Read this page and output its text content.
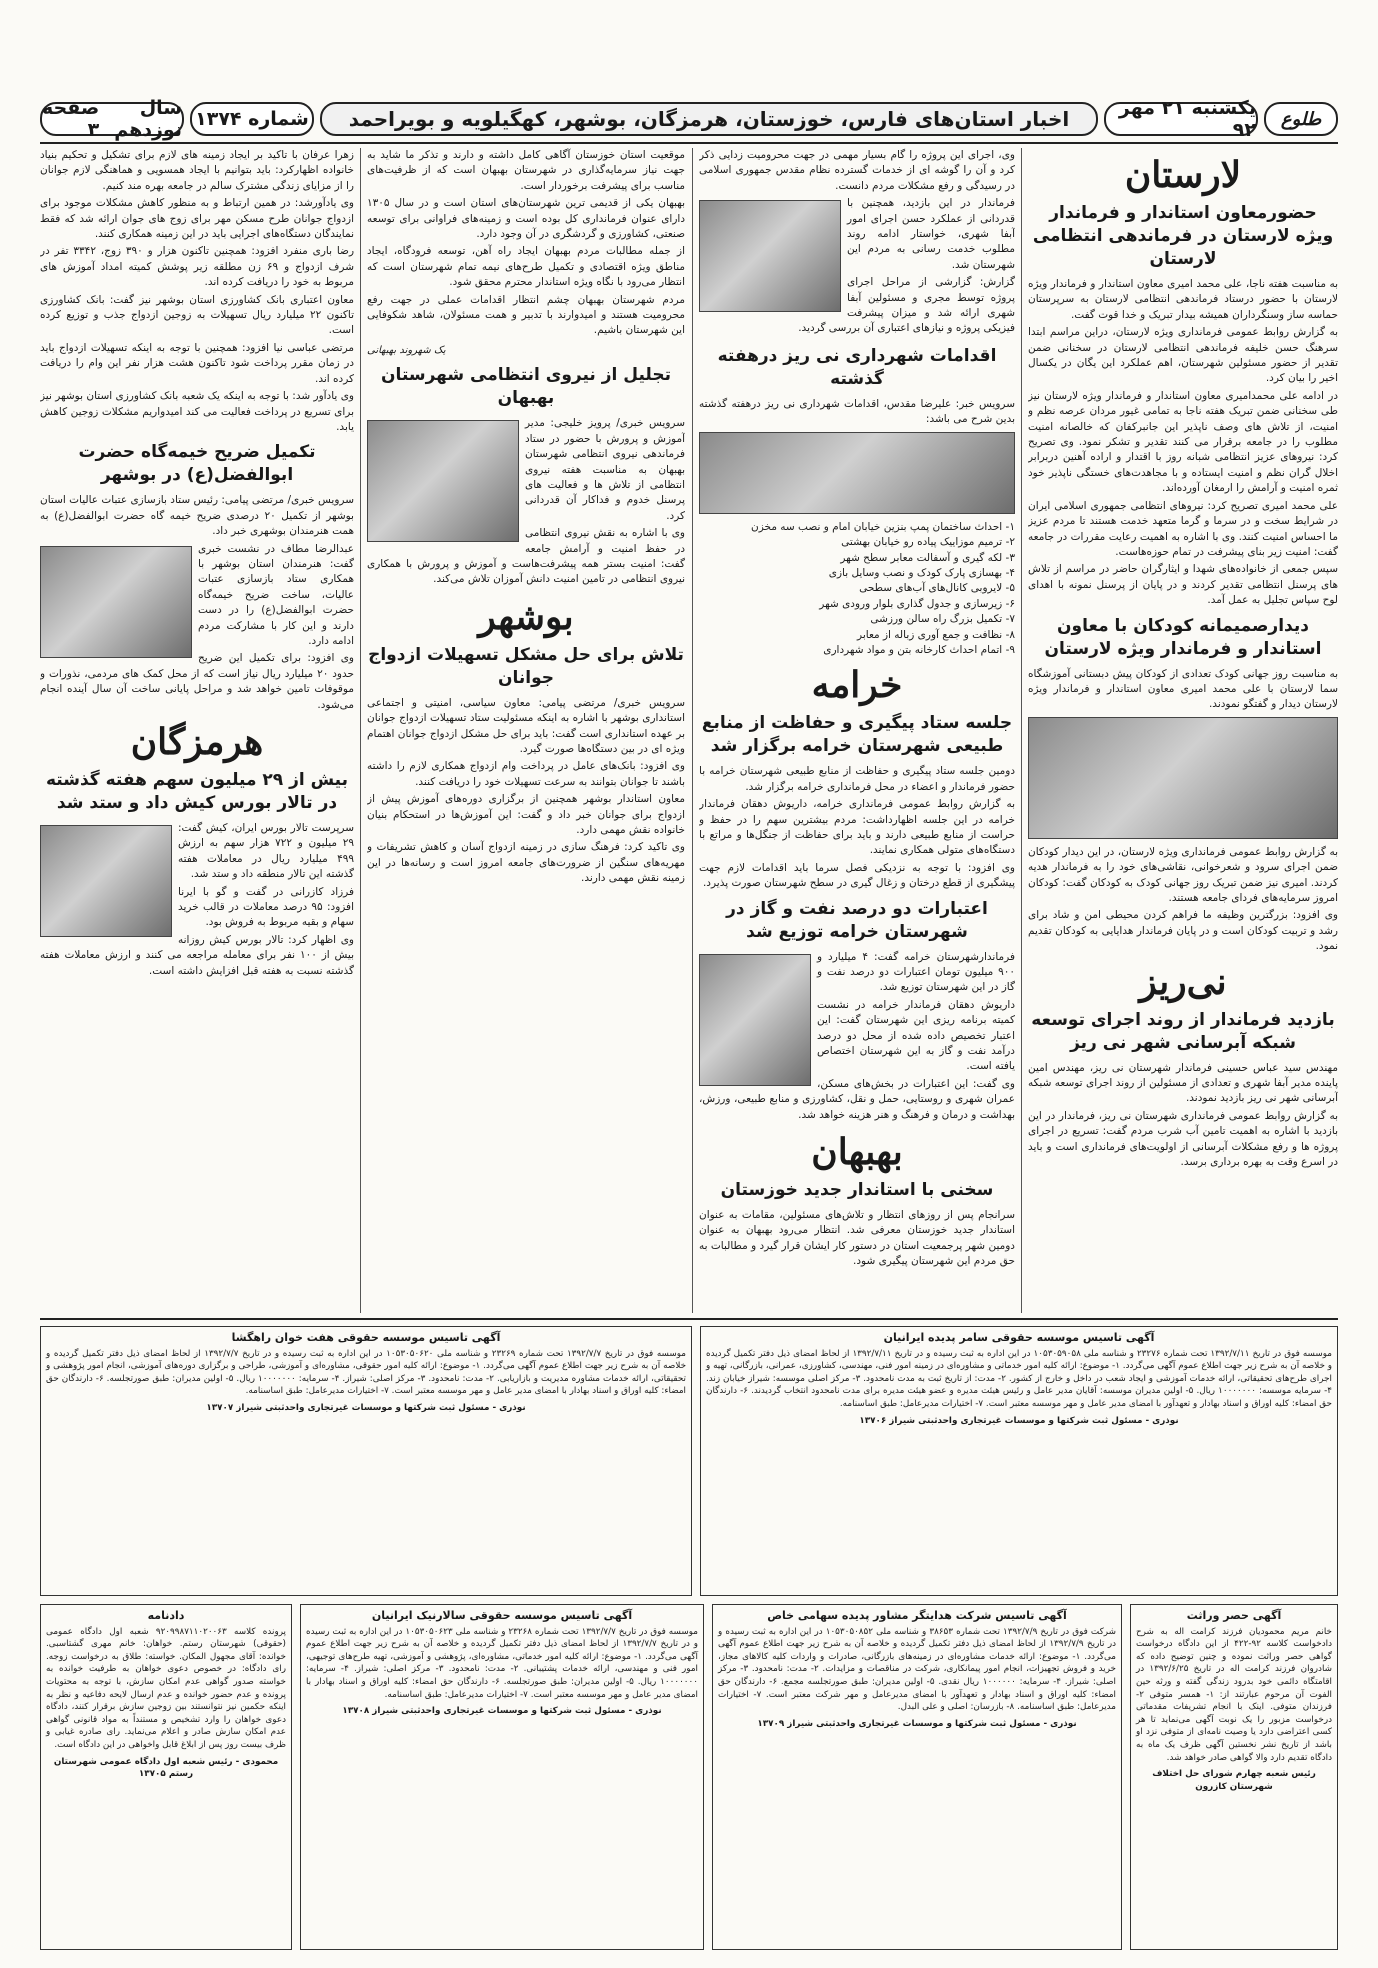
طلوع
یکشنبه ۲۱ مهر ۹۲
اخبار استان‌های فارس، خوزستان، هرمزگان، بوشهر، کهگیلویه و بویراحمد
شماره ۱۳۷۴
سال نوزدهم

صفحه ۳
لارستان
حضورمعاون استاندار و فرماندار ویژه لارستان در فرماندهی انتظامی لارستان

به مناسبت هفته ناجا، علی محمد امیری معاون استاندار و فرماندار ویژه لارستان با حضور درستاد فرماندهی انتظامی لارستان به سرپرستان حماسه ساز وسنگرداران همیشه بیدار تبریک و خدا قوت گفت.

به گزارش روابط عمومی فرمانداری ویژه لارستان، دراین مراسم ابتدا سرهنگ حسن خلیفه فرماندهی انتظامی لارستان در سخنانی ضمن تقدیر از حضور مسئولین شهرستان، اهم عملکرد این یگان در یکسال اخیر را بیان کرد.

در ادامه علی محمدامیری معاون استاندار و فرماندار ویژه لارستان نیز طی سخنانی ضمن تبریک هفته ناجا به تمامی غیور مردان عرصه نظم و امنیت، از تلاش های وصف ناپذیر این جانبرکفان که خالصانه امنیت مطلوب را در جامعه برقرار می کنند تقدیر و تشکر نمود. وی تصریح کرد: نیروهای عزیز انتظامی شبانه روز با اقتدار و اراده آهنین دربرابر اخلال گران نظم و امنیت ایستاده و با مجاهدت‌های خستگی ناپذیر خود ثمره امنیت و آرامش را ارمغان آورده‌اند.

علی محمد امیری تصریح کرد: نیروهای انتظامی جمهوری اسلامی ایران در شرایط سخت و در سرما و گرما متعهد خدمت هستند تا مردم عزیز ما احساس امنیت کنند. وی با اشاره به اهمیت رعایت مقررات در جامعه گفت: امنیت زیر بنای پیشرفت در تمام حوزه‌هاست.

سپس جمعی از خانواده‌های شهدا و ایثارگران حاضر در مراسم از تلاش های پرسنل انتظامی تقدیر کردند و در پایان از پرسنل نمونه با اهدای لوح سپاس تجلیل به عمل آمد.

دیدارصمیمانه کودکان با معاون استاندار و فرماندار ویژه لارستان

به مناسبت روز جهانی کودک تعدادی از کودکان پیش دبستانی آموزشگاه سما لارستان با علی محمد امیری معاون استاندار و فرماندار ویژه لارستان دیدار و گفتگو نمودند.

به گزارش روابط عمومی فرمانداری ویژه لارستان، در این دیدار کودکان ضمن اجرای سرود و شعرخوانی، نقاشی‌های خود را به فرماندار هدیه کردند. امیری نیز ضمن تبریک روز جهانی کودک به کودکان گفت: کودکان امروز سرمایه‌های فردای جامعه هستند.

وی افزود: بزرگترین وظیفه ما فراهم کردن محیطی امن و شاد برای رشد و تربیت کودکان است و در پایان فرماندار هدایایی به کودکان تقدیم نمود.

نی‌ریز
بازدید فرماندار از روند اجرای توسعه شبکه آبرسانی شهر نی ریز

مهندس سید عباس حسینی فرماندار شهرستان نی ریز، مهندس امین پاینده مدیر آبفا شهری و تعدادی از مسئولین از روند اجرای توسعه شبکه آبرسانی شهر نی ریز بازدید نمودند.

به گزارش روابط عمومی فرمانداری شهرستان نی ریز، فرماندار در این بازدید با اشاره به اهمیت تامین آب شرب مردم گفت: تسریع در اجرای پروژه ها و رفع مشکلات آبرسانی از اولویت‌های فرمانداری است و باید در اسرع وقت به بهره برداری برسد.

وی، اجرای این پروژه را گام بسیار مهمی در جهت محرومیت زدایی ذکر کرد و آن را گوشه ای از خدمات گسترده نظام مقدس جمهوری اسلامی در رسیدگی و رفع مشکلات مردم دانست.

فرماندار در این بازدید، همچنین با قدردانی از عملکرد حسن اجرای امور آبفا شهری، خواستار ادامه روند مطلوب خدمت رسانی به مردم این شهرستان شد.

گزارش: گزارشی از مراحل اجرای پروژه توسط مجری و مسئولین آبفا شهری ارائه شد و میزان پیشرفت فیزیکی پروژه و نیازهای اعتباری آن بررسی گردید.

اقدامات شهرداری نی ریز درهفته گذشته

سرویس خبر: علیرضا مقدس، اقدامات شهرداری نی ریز درهفته گذشته بدین شرح می باشد:

۱- احداث ساختمان پمپ بنزین خیابان امام و نصب سه مخزن
۲- ترمیم موزاییک پیاده رو خیابان بهشتی
۳- لکه گیری و آسفالت معابر سطح شهر
۴- بهسازی پارک کودک و نصب وسایل بازی
۵- لایروبی کانال‌های آب‌های سطحی
۶- زیرسازی و جدول گذاری بلوار ورودی شهر
۷- تکمیل بزرگ راه سالن ورزشی
۸- نظافت و جمع آوری زباله از معابر
۹- اتمام احداث کارخانه بتن و مواد شهرداری

خرامه
جلسه ستاد پیگیری و حفاظت از منابع طبیعی شهرستان خرامه برگزار شد

دومین جلسه ستاد پیگیری و حفاظت از منابع طبیعی شهرستان خرامه با حضور فرماندار و اعضاء در محل فرمانداری خرامه برگزار شد.

به گزارش روابط عمومی فرمانداری خرامه، داریوش دهقان فرماندار خرامه در این جلسه اظهارداشت: مردم بیشترین سهم را در حفظ و حراست از منابع طبیعی دارند و باید برای حفاظت از جنگل‌ها و مراتع با دستگاه‌های متولی همکاری نمایند.

وی افزود: با توجه به نزدیکی فصل سرما باید اقدامات لازم جهت پیشگیری از قطع درختان و زغال گیری در سطح شهرستان صورت پذیرد.

اعتبارات دو درصد نفت و گاز در شهرستان خرامه توزیع شد

فرماندارشهرستان خرامه گفت: ۴ میلیارد و ۹۰۰ میلیون تومان اعتبارات دو درصد نفت و گاز در این شهرستان توزیع شد.

داریوش دهقان فرماندار خرامه در نشست کمیته برنامه ریزی این شهرستان گفت: این اعتبار تخصیص داده شده از محل دو درصد درآمد نفت و گاز به این شهرستان اختصاص یافته است.

وی گفت: این اعتبارات در بخش‌های مسکن، عمران شهری و روستایی، حمل و نقل، کشاورزی و منابع طبیعی، ورزش، بهداشت و درمان و فرهنگ و هنر هزینه خواهد شد.

بهبهان
سخنی با استاندار جدید خوزستان

سرانجام پس از روزهای انتظار و تلاش‌های مسئولین، مقامات به عنوان استاندار جدید خوزستان معرفی شد. انتظار می‌رود بهبهان به عنوان دومین شهر پرجمعیت استان در دستور کار ایشان قرار گیرد و مطالبات به حق مردم این شهرستان پیگیری شود.

موقعیت استان خوزستان آگاهی کامل داشته و دارند و تذکر ما شاید به جهت نیاز سرمایه‌گذاری در شهرستان بهبهان است که از ظرفیت‌های مناسب برای پیشرفت برخوردار است.

بهبهان یکی از قدیمی ترین شهرستان‌های استان است و در سال ۱۳۰۵ دارای عنوان فرمانداری کل بوده است و زمینه‌های فراوانی برای توسعه صنعتی، کشاورزی و گردشگری در آن وجود دارد.

از جمله مطالبات مردم بهبهان ایجاد راه آهن، توسعه فرودگاه، ایجاد مناطق ویژه اقتصادی و تکمیل طرح‌های نیمه تمام شهرستان است که انتظار می‌رود با نگاه ویژه استاندار محترم محقق شود.

مردم شهرستان بهبهان چشم انتظار اقدامات عملی در جهت رفع محرومیت هستند و امیدوارند با تدبیر و همت مسئولان، شاهد شکوفایی این شهرستان باشیم.

یک شهروند بهبهانی
تجلیل از نیروی انتظامی شهرستان بهبهان

سرویس خبری/ پرویز خلیجی: مدیر آموزش و پرورش با حضور در ستاد فرماندهی نیروی انتظامی شهرستان بهبهان به مناسبت هفته نیروی انتظامی از تلاش ها و فعالیت های پرسنل خدوم و فداکار آن قدردانی کرد.

وی با اشاره به نقش نیروی انتظامی در حفظ امنیت و آرامش جامعه گفت: امنیت بستر همه پیشرفت‌هاست و آموزش و پرورش با همکاری نیروی انتظامی در تامین امنیت دانش آموزان تلاش می‌کند.

بوشهر
تلاش برای حل مشکل تسهیلات ازدواج جوانان

سرویس خبری/ مرتضی پیامی: معاون سیاسی، امنیتی و اجتماعی استانداری بوشهر با اشاره به اینکه مسئولیت ستاد تسهیلات ازدواج جوانان بر عهده استانداری است گفت: باید برای حل مشکل ازدواج جوانان اهتمام ویژه ای در بین دستگاه‌ها صورت گیرد.

وی افزود: بانک‌های عامل در پرداخت وام ازدواج همکاری لازم را داشته باشند تا جوانان بتوانند به سرعت تسهیلات خود را دریافت کنند.

معاون استاندار بوشهر همچنین از برگزاری دوره‌های آموزش پیش از ازدواج برای جوانان خبر داد و گفت: این آموزش‌ها در استحکام بنیان خانواده نقش مهمی دارد.

وی تاکید کرد: فرهنگ سازی در زمینه ازدواج آسان و کاهش تشریفات و مهریه‌های سنگین از ضرورت‌های جامعه امروز است و رسانه‌ها در این زمینه نقش مهمی دارند.

زهرا عرفان با تاکید بر ایجاد زمینه های لازم برای تشکیل و تحکیم بنیاد خانواده اظهارکرد: باید بتوانیم با ایجاد همسویی و هماهنگی لازم جوانان را از مزایای زندگی مشترک سالم در جامعه بهره مند کنیم.

وی یادآورشد: در همین ارتباط و به منظور کاهش مشکلات موجود برای ازدواج جوانان طرح مسکن مهر برای زوج های جوان ارائه شد که فقط نمایندگان دستگاه‌های اجرایی باید در این زمینه همکاری کنند.

رضا باری منفرد افزود: همچنین تاکنون هزار و ۳۹۰ زوج، ۳۳۴۲ تفر در شرف ازدواج و ۶۹ زن مطلقه زیر پوشش کمیته امداد آموزش های مربوط به خود را دریافت کرده اند.

معاون اعتباری بانک کشاورزی استان بوشهر نیز گفت: بانک کشاورزی تاکنون ۲۲ میلیارد ریال تسهیلات به زوجین ازدواج جذب و توزیع کرده است.

مرتضی عباسی نیا افزود: همچنین با توجه به اینکه تسهیلات ازدواج باید در زمان مقرر پرداخت شود تاکنون هشت هزار نفر این وام را دریافت کرده اند.

وی یادآور شد: با توجه به اینکه یک شعبه بانک کشاورزی استان بوشهر نیز برای تسریع در پرداخت فعالیت می کند امیدواریم مشکلات زوجین کاهش یابد.

تکمیل ضریح خیمه‌گاه حضرت ابوالفضل(ع) در بوشهر

سرویس خبری/ مرتضی پیامی: رئیس ستاد بازسازی عتبات عالیات استان بوشهر از تکمیل ۲۰ درصدی ضریح خیمه گاه حضرت ابوالفضل(ع) به همت هنرمندان بوشهری خبر داد.

عبدالرضا مطاف در نشست خبری گفت: هنرمندان استان بوشهر با همکاری ستاد بازسازی عتبات عالیات، ساخت ضریح خیمه‌گاه حضرت ابوالفضل(ع) را در دست دارند و این کار با مشارکت مردم ادامه دارد.

وی افزود: برای تکمیل این ضریح حدود ۲۰ میلیارد ریال نیاز است که از محل کمک های مردمی، نذورات و موقوفات تامین خواهد شد و مراحل پایانی ساخت آن سال آینده انجام می‌شود.

هرمزگان
بیش از ۲۹ میلیون سهم هفته گذشته در تالار بورس کیش داد و ستد شد

سرپرست تالار بورس ایران، کیش گفت: ۲۹ میلیون و ۷۲۲ هزار سهم به ارزش ۴۹۹ میلیارد ریال در معاملات هفته گذشته این تالار منطقه داد و ستد شد.

فرزاد کازرانی در گفت و گو با ایرنا افزود: ۹۵ درصد معاملات در قالب خرید سهام و بقیه مربوط به فروش بود.

وی اظهار کرد: تالار بورس کیش روزانه بیش از ۱۰۰ نفر برای معامله مراجعه می کنند و ارزش معاملات هفته گذشته نسبت به هفته قبل افزایش داشته است.

آگهی تاسیس موسسه حقوقی سامر پدیده ایرانیان
موسسه فوق در تاریخ ۱۳۹۲/۷/۱۱ تحت شماره ۲۳۲۷۶ و شناسه ملی ۱۰۵۳۰۵۹۰۵۸ در این اداره به ثبت رسیده و در تاریخ ۱۳۹۲/۷/۱۱ از لحاظ امضای ذیل دفتر تکمیل گردیده و خلاصه آن به شرح زیر جهت اطلاع عموم آگهی می‌گردد. ۱- موضوع: ارائه کلیه امور خدماتی و مشاوره‌ای در زمینه امور فنی، مهندسی، کشاورزی، عمرانی، بازرگانی، تهیه و اجرای طرح‌های تحقیقاتی، ارائه خدمات آموزشی و ایجاد شعب در داخل و خارج از کشور. ۲- مدت: از تاریخ ثبت به مدت نامحدود. ۳- مرکز اصلی موسسه: شیراز خیابان زند. ۴- سرمایه موسسه: ۱۰۰۰۰۰۰۰ ریال. ۵- اولین مدیران موسسه: آقایان مدیر عامل و رئیس هیئت مدیره و عضو هیئت مدیره برای مدت نامحدود انتخاب گردیدند. ۶- دارندگان حق امضاء: کلیه اوراق و اسناد بهادار و تعهدآور با امضای مدیر عامل و مهر موسسه معتبر است. ۷- اختیارات مدیرعامل: طبق اساسنامه.
نوذری - مسئول ثبت شرکتها و موسسات غیرتجاری واحدثبتی شیراز ۱۳۷۰۶
آگهی تاسیس موسسه حقوقی هفت خوان راهگشا
موسسه فوق در تاریخ ۱۳۹۲/۷/۷ تحت شماره ۲۳۲۶۹ و شناسه ملی ۱۰۵۳۰۵۰۶۲۰ در این اداره به ثبت رسیده و در تاریخ ۱۳۹۲/۷/۷ از لحاظ امضای ذیل دفتر تکمیل گردیده و خلاصه آن به شرح زیر جهت اطلاع عموم آگهی می‌گردد. ۱- موضوع: ارائه کلیه امور حقوقی، مشاوره‌ای و آموزشی، طراحی و برگزاری دوره‌های آموزشی، انجام امور پژوهشی و تحقیقاتی، ارائه خدمات مشاوره مدیریت و بازاریابی. ۲- مدت: نامحدود. ۳- مرکز اصلی: شیراز. ۴- سرمایه: ۱۰۰۰۰۰۰۰ ریال. ۵- اولین مدیران: طبق صورتجلسه. ۶- دارندگان حق امضاء: کلیه اوراق و اسناد بهادار با امضای مدیر عامل و مهر موسسه معتبر است. ۷- اختیارات مدیرعامل: طبق اساسنامه.
نوذری - مسئول ثبت شرکتها و موسسات غیرتجاری واحدثبتی شیراز ۱۳۷۰۷
آگهی حصر وراثت
خانم مریم محمودیان فرزند کرامت اله به شرح دادخواست کلاسه ۹۲-۴۲۲ از این دادگاه درخواست گواهی حصر وراثت نموده و چنین توضیح داده که شادروان فرزند کرامت اله در تاریخ ۱۳۹۲/۶/۲۵ در اقامتگاه دائمی خود بدرود زندگی گفته و ورثه حین الفوت آن مرحوم عبارتند از: ۱- همسر متوفی ۲- فرزندان متوفی. اینک با انجام تشریفات مقدماتی درخواست مزبور را یک نوبت آگهی می‌نماید تا هر کسی اعتراضی دارد یا وصیت نامه‌ای از متوفی نزد او باشد از تاریخ نشر نخستین آگهی ظرف یک ماه به دادگاه تقدیم دارد والا گواهی صادر خواهد شد.
رئیس شعبه چهارم شورای حل اختلاف شهرستان کازرون
آگهی تاسیس شرکت هدایتگر مشاور پدیده سهامی خاص
شرکت فوق در تاریخ ۱۳۹۲/۷/۹ تحت شماره ۳۸۶۵۳ و شناسه ملی ۱۰۵۳۰۵۰۸۵۲ در این اداره به ثبت رسیده و در تاریخ ۱۳۹۲/۷/۹ از لحاظ امضای ذیل دفتر تکمیل گردیده و خلاصه آن به شرح زیر جهت اطلاع عموم آگهی می‌گردد. ۱- موضوع: ارائه خدمات مشاوره‌ای در زمینه‌های بازرگانی، صادرات و واردات کلیه کالاهای مجاز، خرید و فروش تجهیزات، انجام امور پیمانکاری، شرکت در مناقصات و مزایدات. ۲- مدت: نامحدود. ۳- مرکز اصلی: شیراز. ۴- سرمایه: ۱۰۰۰۰۰۰ ریال نقدی. ۵- اولین مدیران: طبق صورتجلسه مجمع. ۶- دارندگان حق امضاء: کلیه اوراق و اسناد بهادار و تعهدآور با امضای مدیرعامل و مهر شرکت معتبر است. ۷- اختیارات مدیرعامل: طبق اساسنامه. ۸- بازرسان: اصلی و علی البدل.
نوذری - مسئول ثبت شرکتها و موسسات غیرتجاری واحدثبتی شیراز ۱۳۷۰۹
آگهی تاسیس موسسه حقوقی سالارنیک ایرانیان
موسسه فوق در تاریخ ۱۳۹۲/۷/۷ تحت شماره ۲۳۲۶۸ و شناسه ملی ۱۰۵۳۰۵۰۶۲۳ در این اداره به ثبت رسیده و در تاریخ ۱۳۹۲/۷/۷ از لحاظ امضای ذیل دفتر تکمیل گردیده و خلاصه آن به شرح زیر جهت اطلاع عموم آگهی می‌گردد. ۱- موضوع: ارائه کلیه امور خدماتی، مشاوره‌ای، پژوهشی و آموزشی، تهیه طرح‌های توجیهی، امور فنی و مهندسی، ارائه خدمات پشتیبانی. ۲- مدت: نامحدود. ۳- مرکز اصلی: شیراز. ۴- سرمایه: ۱۰۰۰۰۰۰۰ ریال. ۵- اولین مدیران: طبق صورتجلسه. ۶- دارندگان حق امضاء: کلیه اوراق و اسناد بهادار با امضای مدیر عامل و مهر موسسه معتبر است. ۷- اختیارات مدیرعامل: طبق اساسنامه.
نوذری - مسئول ثبت شرکتها و موسسات غیرتجاری واحدثبتی شیراز ۱۳۷۰۸
دادنامه
پرونده کلاسه ۹۲۰۹۹۸۷۱۱۰۲۰۰۶۳ شعبه اول دادگاه عمومی (حقوقی) شهرستان رستم. خواهان: خانم مهری گشتاسبی. خوانده: آقای مجهول المکان. خواسته: طلاق به درخواست زوجه. رای دادگاه: در خصوص دعوی خواهان به طرفیت خوانده به خواسته صدور گواهی عدم امکان سازش، با توجه به محتویات پرونده و عدم حضور خوانده و عدم ارسال لایحه دفاعیه و نظر به اینکه حکمین نیز نتوانستند بین زوجین سازش برقرار کنند، دادگاه دعوی خواهان را وارد تشخیص و مستنداً به مواد قانونی گواهی عدم امکان سازش صادر و اعلام می‌نماید. رای صادره غیابی و ظرف بیست روز پس از ابلاغ قابل واخواهی در این دادگاه است.
محمودی - رئیس شعبه اول دادگاه عمومی شهرستان رستم ۱۳۷۰۵
